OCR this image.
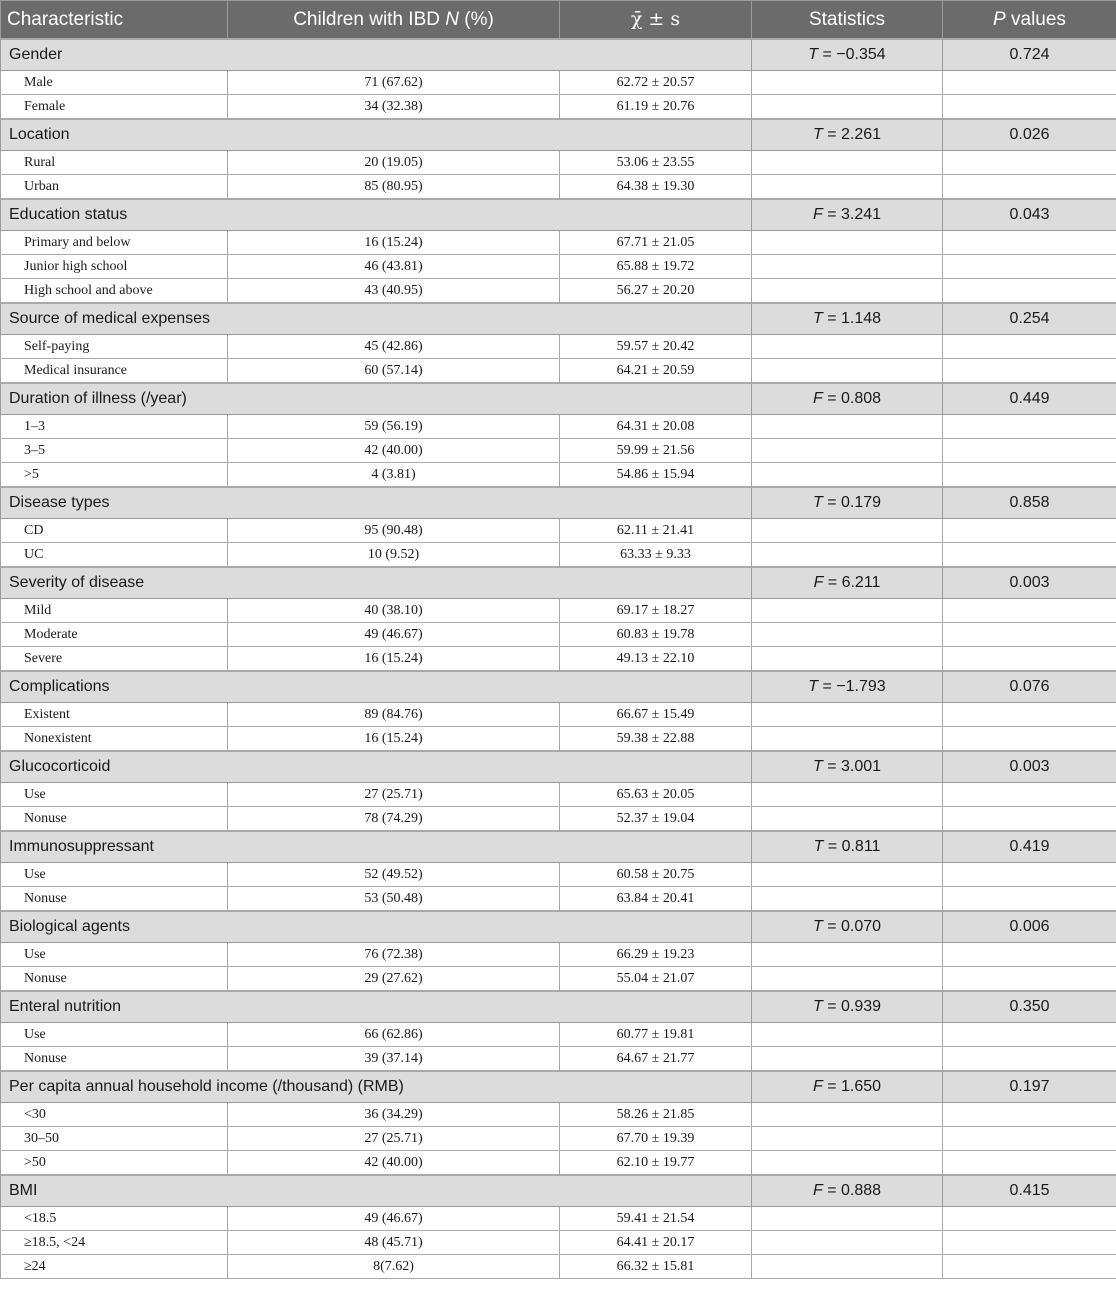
Characteristic	Children with IBD N (%)	χ̄ ± s	Statistics	P values
Gender			T = −0.354	0.724
Male	71 (67.62)	62.72 ± 20.57		
Female	34 (32.38)	61.19 ± 20.76		
Location			T = 2.261	0.026
Rural	20 (19.05)	53.06 ± 23.55		
Urban	85 (80.95)	64.38 ± 19.30		
Education status			F = 3.241	0.043
Primary and below	16 (15.24)	67.71 ± 21.05		
Junior high school	46 (43.81)	65.88 ± 19.72		
High school and above	43 (40.95)	56.27 ± 20.20		
Source of medical expenses			T = 1.148	0.254
Self-paying	45 (42.86)	59.57 ± 20.42		
Medical insurance	60 (57.14)	64.21 ± 20.59		
Duration of illness (/year)			F = 0.808	0.449
1–3	59 (56.19)	64.31 ± 20.08		
3–5	42 (40.00)	59.99 ± 21.56		
>5	4 (3.81)	54.86 ± 15.94		
Disease types			T = 0.179	0.858
CD	95 (90.48)	62.11 ± 21.41		
UC	10 (9.52)	63.33 ± 9.33		
Severity of disease			F = 6.211	0.003
Mild	40 (38.10)	69.17 ± 18.27		
Moderate	49 (46.67)	60.83 ± 19.78		
Severe	16 (15.24)	49.13 ± 22.10		
Complications			T = −1.793	0.076
Existent	89 (84.76)	66.67 ± 15.49		
Nonexistent	16 (15.24)	59.38 ± 22.88		
Glucocorticoid			T = 3.001	0.003
Use	27 (25.71)	65.63 ± 20.05		
Nonuse	78 (74.29)	52.37 ± 19.04		
Immunosuppressant			T = 0.811	0.419
Use	52 (49.52)	60.58 ± 20.75		
Nonuse	53 (50.48)	63.84 ± 20.41		
Biological agents			T = 0.070	0.006
Use	76 (72.38)	66.29 ± 19.23		
Nonuse	29 (27.62)	55.04 ± 21.07		
Enteral nutrition			T = 0.939	0.350
Use	66 (62.86)	60.77 ± 19.81		
Nonuse	39 (37.14)	64.67 ± 21.77		
Per capita annual household income (/thousand) (RMB)			F = 1.650	0.197
<30	36 (34.29)	58.26 ± 21.85		
30–50	27 (25.71)	67.70 ± 19.39		
>50	42 (40.00)	62.10 ± 19.77		
BMI			F = 0.888	0.415
<18.5	49 (46.67)	59.41 ± 21.54		
≥18.5, <24	48 (45.71)	64.41 ± 20.17		
≥24	8(7.62)	66.32 ± 15.81		
